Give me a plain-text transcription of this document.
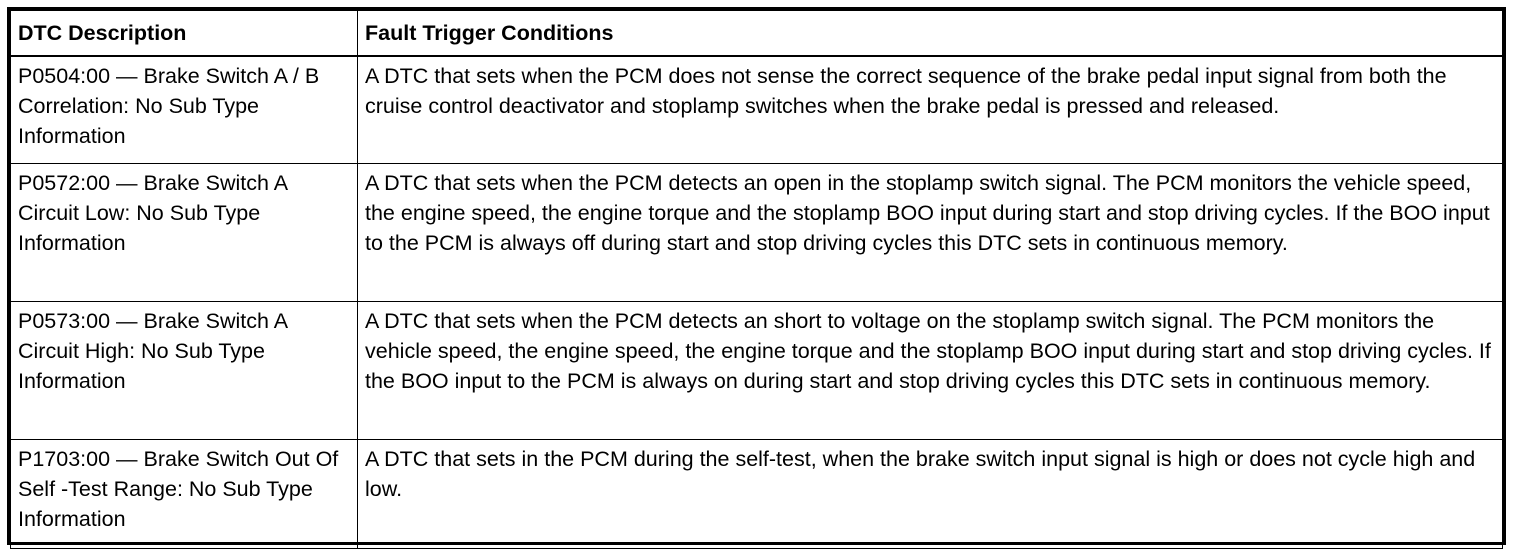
DTC Description	Fault Trigger Conditions
P0504:00 — Brake Switch A / B Correlation: No Sub Type Information	A DTC that sets when the PCM does not sense the correct sequence of the brake pedal input signal from both the cruise control deactivator and stoplamp switches when the brake pedal is pressed and released.
P0572:00 — Brake Switch A Circuit Low: No Sub Type Information	A DTC that sets when the PCM detects an open in the stoplamp switch signal. The PCM monitors the vehicle speed, the engine speed, the engine torque and the stoplamp BOO input during start and stop driving cycles. If the BOO input to the PCM is always off during start and stop driving cycles this DTC sets in continuous memory.
P0573:00 — Brake Switch A Circuit High: No Sub Type Information	A DTC that sets when the PCM detects an short to voltage on the stoplamp switch signal. The PCM monitors the vehicle speed, the engine speed, the engine torque and the stoplamp BOO input during start and stop driving cycles. If the BOO input to the PCM is always on during start and stop driving cycles this DTC sets in continuous memory.
P1703:00 — Brake Switch Out Of Self -Test Range: No Sub Type Information	A DTC that sets in the PCM during the self-test, when the brake switch input signal is high or does not cycle high and low.
